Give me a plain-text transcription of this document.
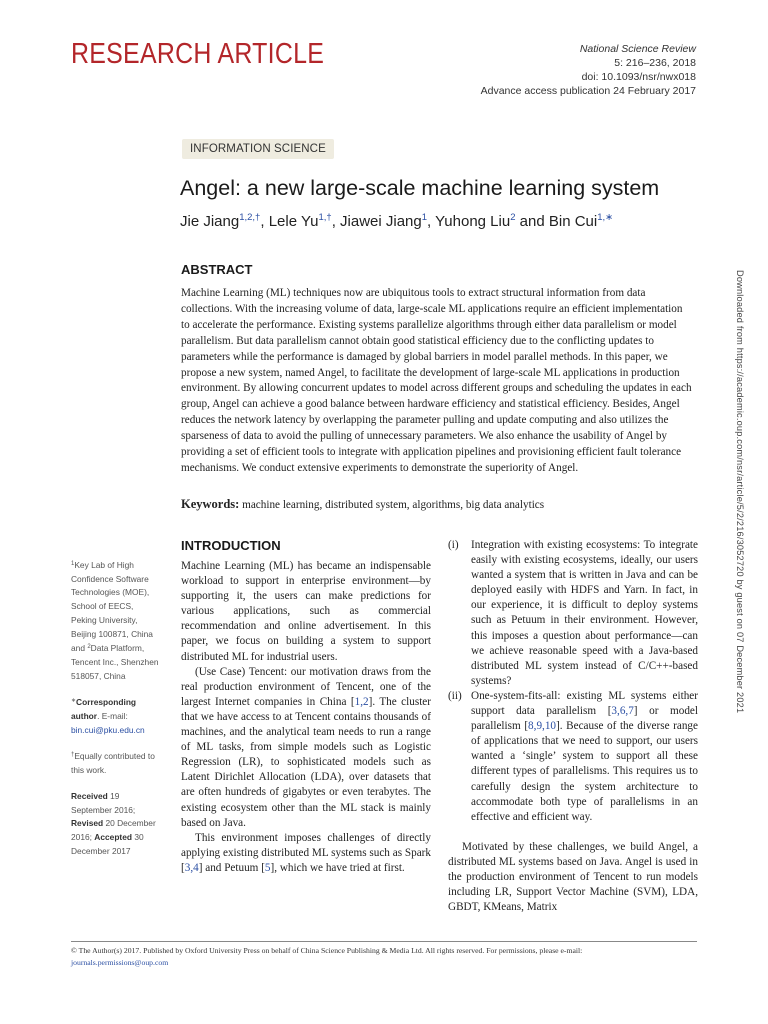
RESEARCH ARTICLE	National Science Review
5: 216–236, 2018
doi: 10.1093/nsr/nwx018
Advance access publication 24 February 2017
INFORMATION SCIENCE
Angel: a new large-scale machine learning system
Jie Jiang$^{1,2,\dagger}$, Lele $Yu^{1,\dagger}$, Jiawei Jiang$^1$, Yuhong Liu$^2$ and Bin Cui$^{1,∗}$
ABSTRACT

Machine Learning (ML) techniques now are ubiquitous tools to extract structural information from data collections. With the increasing volume of data, large-scale ML applications require an efficient implementation to accelerate the performance. Existing systems parallelize algorithms through either data parallelism or model parallelism. But data parallelism cannot obtain good statistical efficiency due to the conflicting updates to parameters while the performance is damaged by global barriers in model parallel methods. In this paper, we propose a new system, named Angel, to facilitate the development of large-scale ML applications in production environment. By allowing concurrent updates to model across different groups and scheduling the updates in each group, Angel can achieve a good balance between hardware efficiency and statistical efficiency. Besides, Angel reduces the network latency by overlapping the parameter pulling and update computing and also utilizes the sparseness of data to avoid the pulling of unnecessary parameters. We also enhance the usability of Angel by providing a set of efficient tools to integrate with application pipelines and provisioning efficient fault tolerance mechanisms. We conduct extensive experiments to demonstrate the superiority of Angel.

Keywords: machine learning, distributed system, algorithms, big data analytics	Downloaded from https://academic.oup.com/nsr/article/5/2/216/3052720 by guest on 07 December 2021

$^1$Key Lab of High Confidence Software Technologies (MOE), School of EECS, Peking University, Beijing 100871, China and $^2$Data Platform, Tencent Inc., Shenzhen 518057, China

∗Corresponding author. E-mail:
bin.cui@pku.edu.cn

†Equally contributed to this work.

Received 19 September 2016; Revised 20 December 2016; Accepted 30 December 2017

INTRODUCTION

Machine Learning (ML) has became an indispensable workload to support in enterprise environment—by supporting it, the users can make predictions for various applications, such as commercial recommendation and online advertisement. In this paper, we focus on building a system to support distributed ML for industrial users.

(Use Case) Tencent: our motivation draws from the real production environment of Tencent, one of the largest Internet companies in China [1,2]. The cluster that we have access to at Tencent contains thousands of machines, and the analytical team needs to run a range of ML tasks, from simple models such as Logistic Regression (LR), to sophisticated models such as Latent Dirichlet Allocation (LDA), over datasets that are often hundreds of gigabytes or even terabytes. The existing ecosystem other than the ML stack is mainly based on Java.

This environment imposes challenges of directly applying existing distributed ML systems such as Spark [3,4] and Petuum [5], which we have tried at first.

(i)	Integration with existing ecosystems: To integrate easily with existing ecosystems, ideally, our users wanted a system that is written in Java and can be deployed easily with HDFS and Yarn. In fact, in our experience, it is difficult to deploy systems such as Petuum in their environment. However, this imposes a question about performance—can we achieve reasonable speed with a Java-based distributed ML system instead of C/C++-based systems?
(ii) One-system-fits-all: existing ML systems either support data parallelism [3,6,7] or model parallelism [8,9,10]. Because of the diverse range of applications that we need to support, our users wanted a ‘single’ system to support all these different types of parallelisms. This requires us to carefully design the system architecture to accommodate both type of parallelisms in an effective and efficient way.

Motivated by these challenges, we build Angel, a distributed ML systems based on Java. Angel is used in the production environment of Tencent to run models including LR, Support Vector Machine (SVM), LDA, GBDT, KMeans, Matrix

© The Author(s) 2017. Published by Oxford University Press on behalf of China Science Publishing & Media Ltd. All rights reserved. For permissions, please e-mail:
journals.permissions@oup.com
